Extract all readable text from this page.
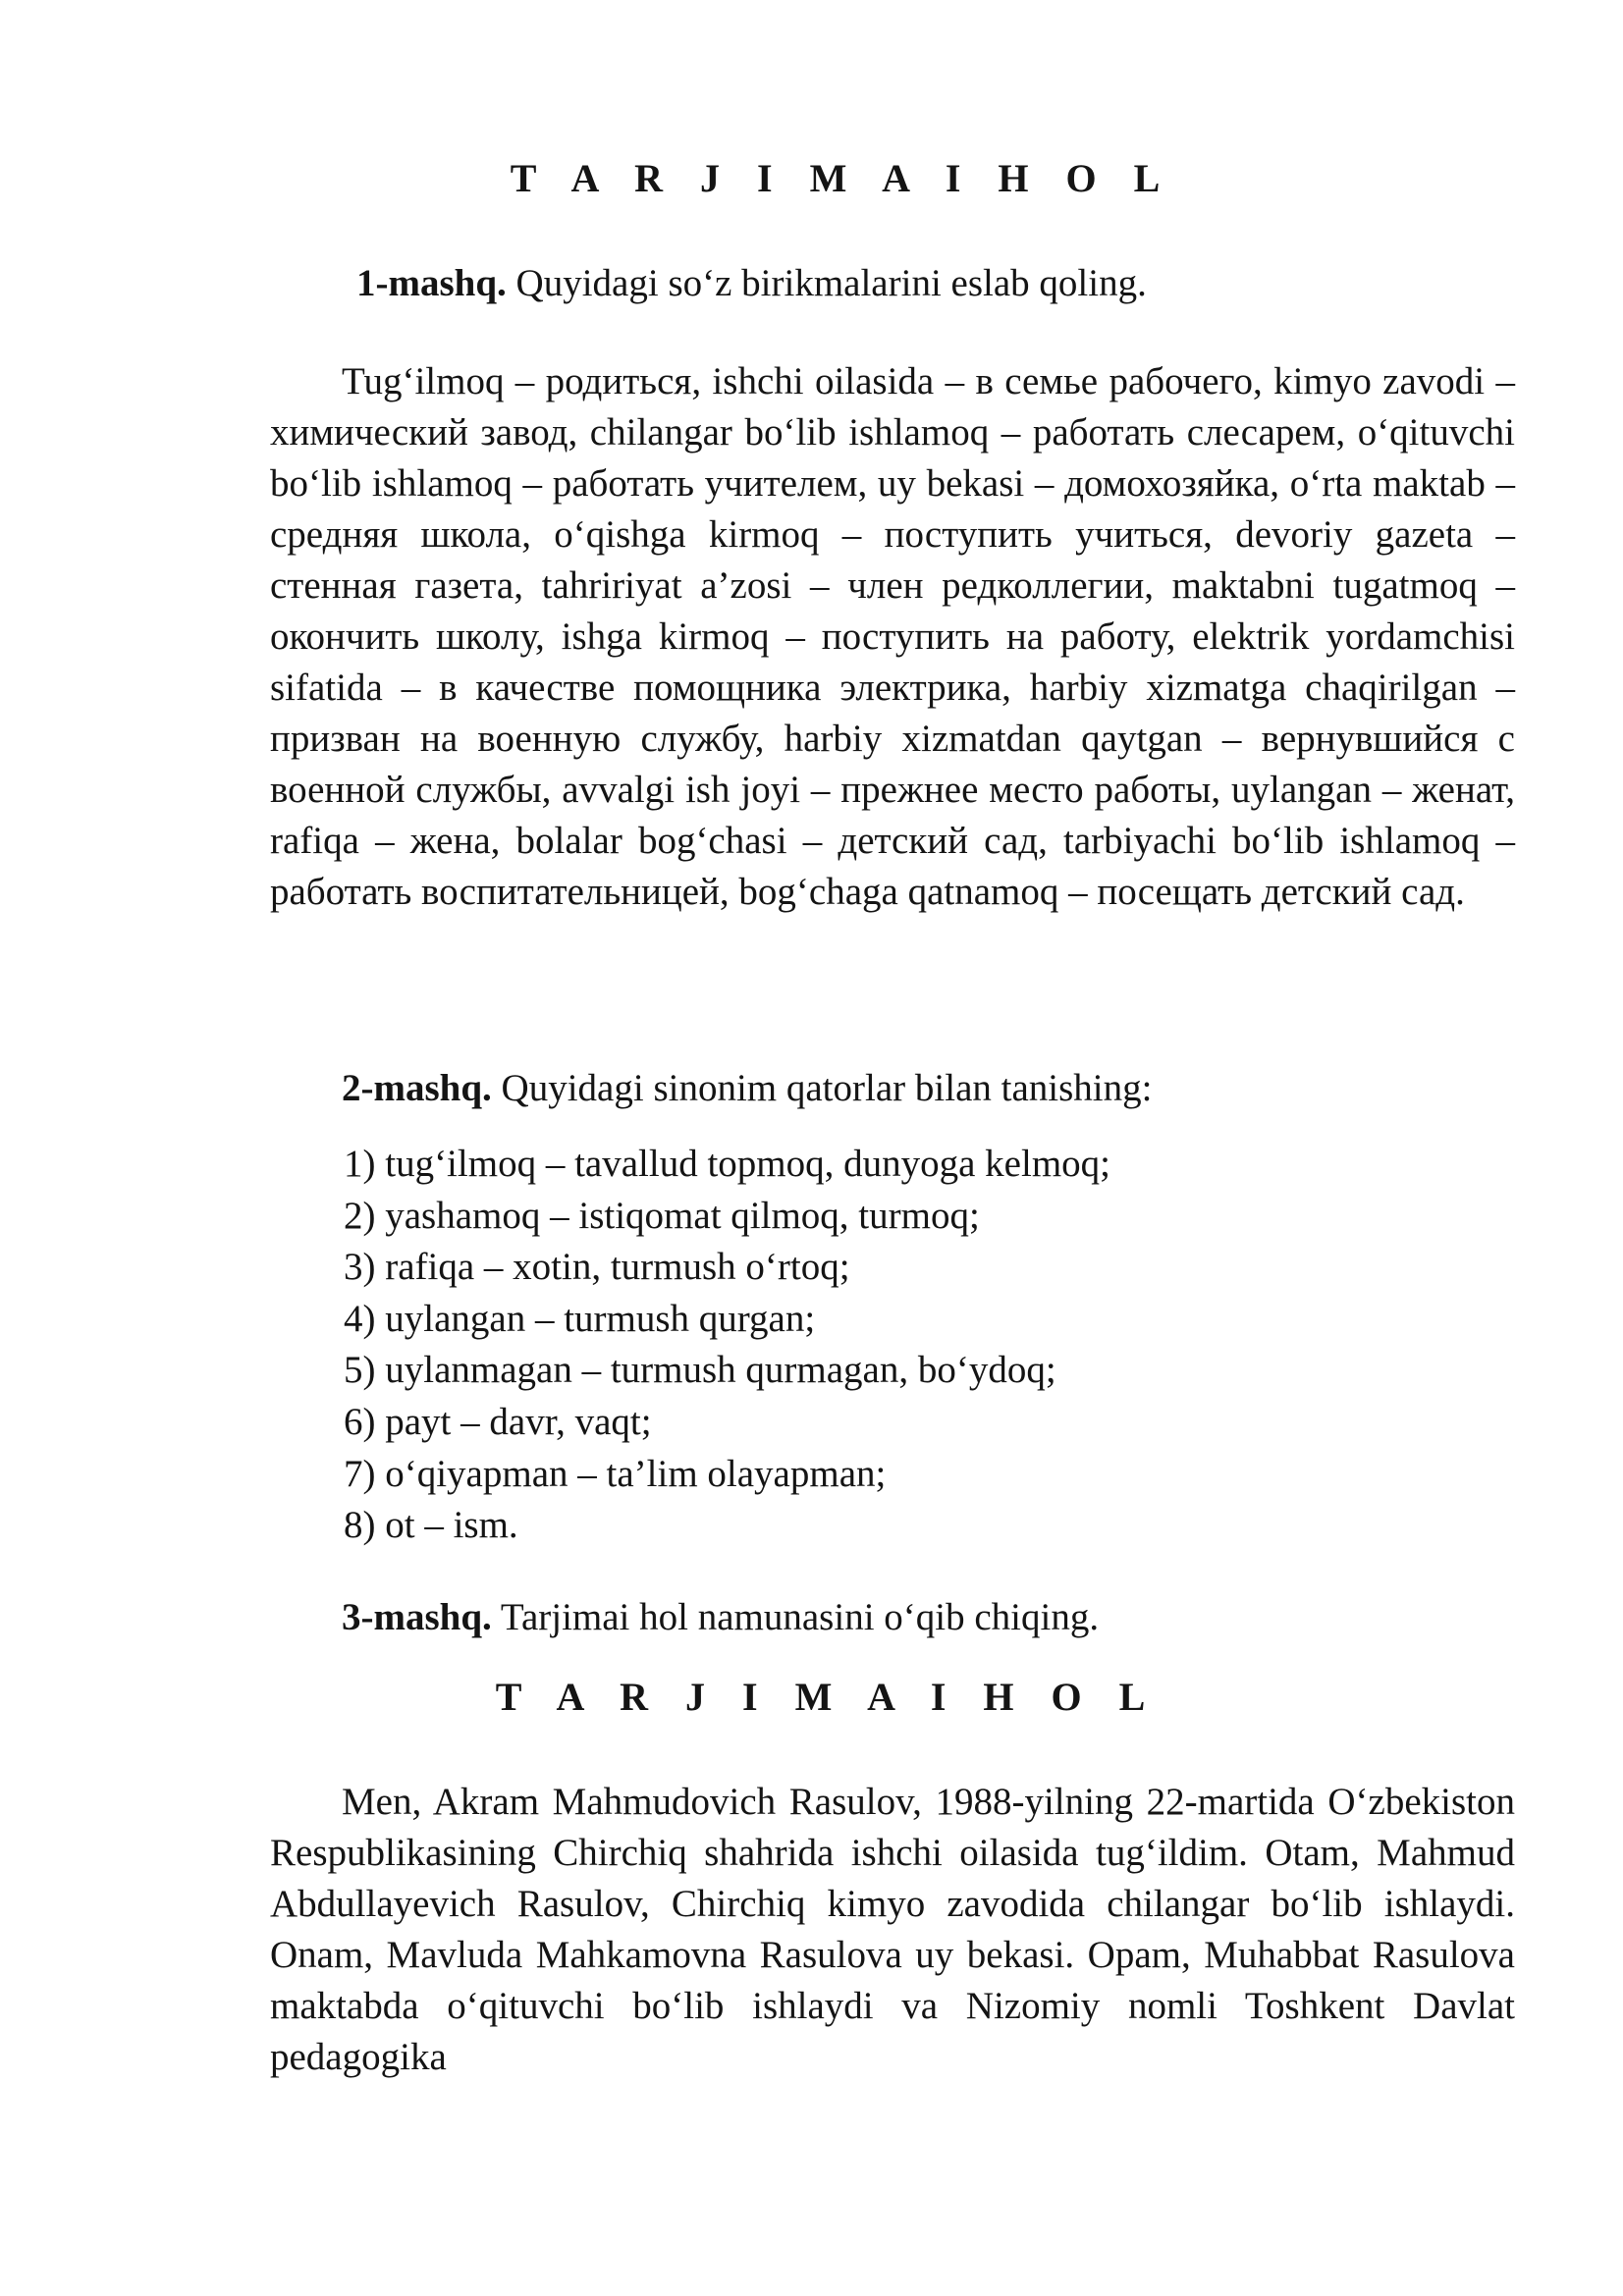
T A R J I M A I H O L

1-mashq. Quyidagi so‘z birikmalarini eslab qoling.

Tug‘ilmoq – родиться, ishchi oilasida – в семье рабочего, kimyo zavodi – химический завод, chilangar bo‘lib ishlamoq – работать слесарем, o‘qituvchi bo‘lib ishlamoq – работать учителем, uy bekasi – домохозяйка, o‘rta maktab – средняя школа, o‘qishga kirmoq – поступить учиться, devoriy gazeta – стенная газета, tahririyat a’zosi – член редколлегии, maktabni tugatmoq – окончить школу, ishga kirmoq – поступить на работу, elektrik yordamchisi sifatida – в качестве помощника электрика, harbiy xizmatga chaqirilgan – призван на военную службу, harbiy xizmatdan qaytgan – вернувшийся с военной службы, avvalgi ish joyi – прежнее место работы, uylangan – женат, rafiqa – жена, bolalar bog‘chasi – детский сад, tarbiyachi bo‘lib ishlamoq – работать воспитательницей, bog‘chaga qatnamoq – посещать детский сад.

2-mashq. Quyidagi sinonim qatorlar bilan tanishing:

1) tug‘ilmoq – tavallud topmoq, dunyoga kelmoq;
2) yashamoq – istiqomat qilmoq, turmoq;
3) rafiqa – xotin, turmush o‘rtoq;
4) uylangan – turmush qurgan;
5) uylanmagan – turmush qurmagan, bo‘ydoq;
6) payt – davr, vaqt;
7) o‘qiyapman – ta’lim olayapman;
8) ot – ism.

3-mashq. Tarjimai hol namunasini o‘qib chiqing.

T A R J I M A I H O L

Men, Akram Mahmudovich Rasulov, 1988-yilning 22-martida O‘zbekiston Respublikasining Chirchiq shahrida ishchi oilasida tug‘ildim. Otam, Mahmud Abdullayevich Rasulov, Chirchiq kimyo zavodida chilangar bo‘lib ishlaydi. Onam, Mavluda Mahkamovna Rasulova uy bekasi. Opam, Muhabbat Rasulova maktabda o‘qituvchi bo‘lib ishlaydi va Nizomiy nomli Toshkent Davlat pedagogika
